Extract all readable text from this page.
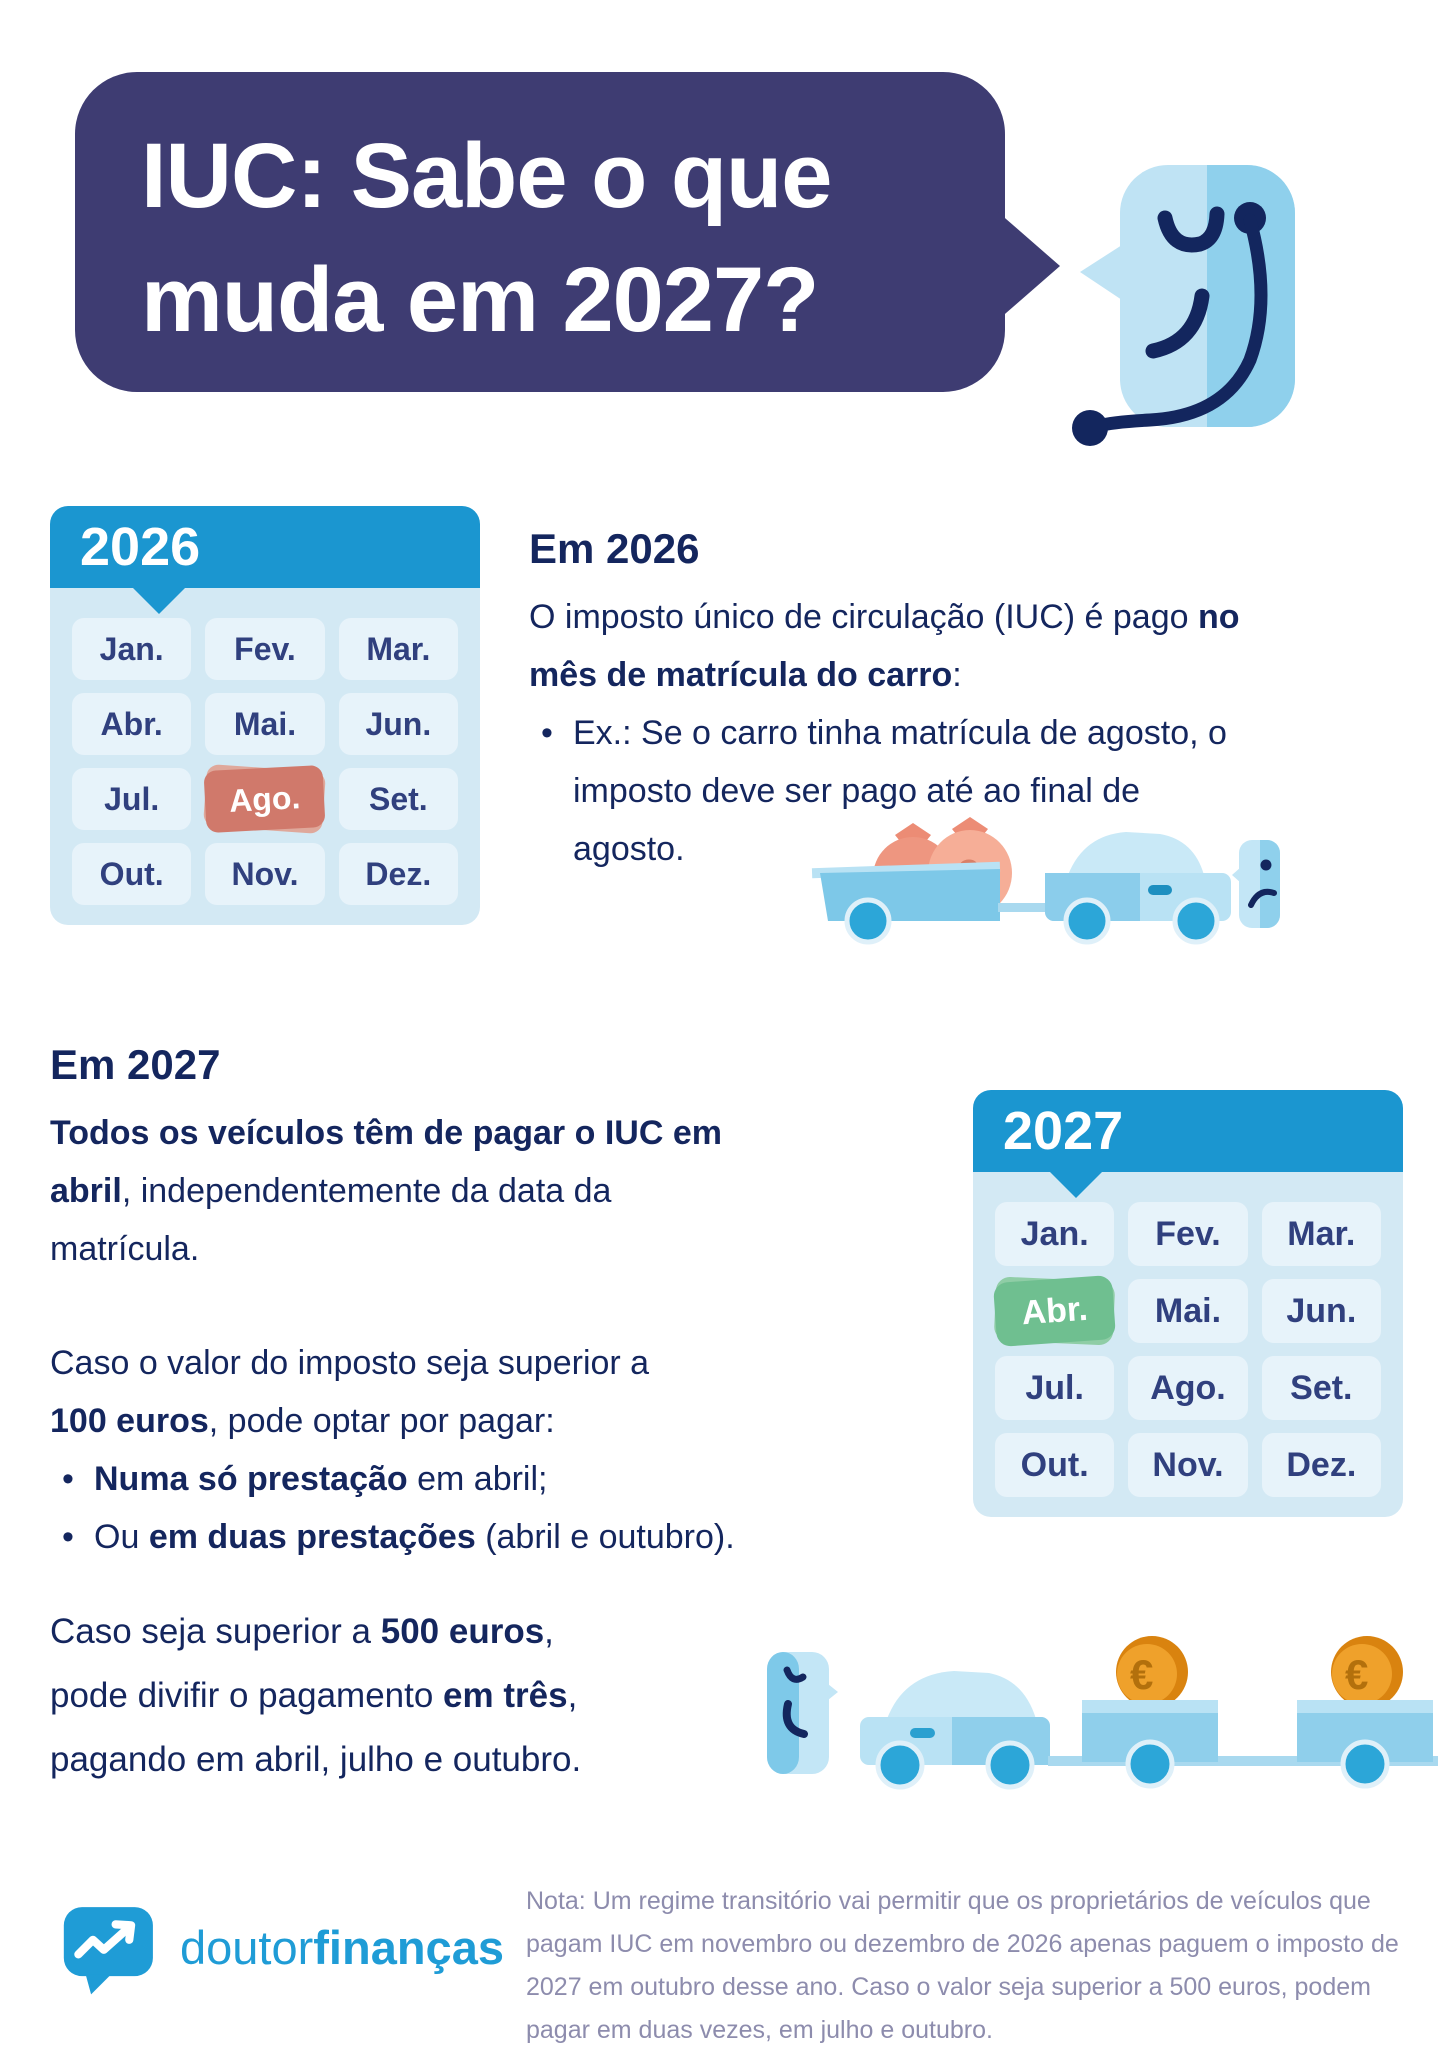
IUC: Sabe o que
muda em 2027?
2026
Jan.	Fev.	Mar.
Abr.	Mai.	Jun.
Jul.	Ago.	Set.
Out.	Nov.	Dez.
Em 2026
O imposto único de circulação (IUC) é pago no
mês de matrícula do carro:
• Ex.: Se o carro tinha matrícula de agosto, o
imposto deve ser pago até ao final de
agosto.
Em 2027
Todos os veículos têm de pagar o IUC em
abril, independentemente da data da
matrícula.
Caso o valor do imposto seja superior a
100 euros, pode optar por pagar:
• Numa só prestação em abril;
• Ou em duas prestações (abril e outubro).
2027
Jan.	Fev.	Mar.
Abr.	Mai.	Jun.
Jul.	Ago.	Set.
Out.	Nov.	Dez.
Caso seja superior a 500 euros,
pode divifir o pagamento em três,
pagando em abril, julho e outubro.
€	€
doutorfinanças
Nota: Um regime transitório vai permitir que os proprietários de veículos que
pagam IUC em novembro ou dezembro de 2026 apenas paguem o imposto de
2027 em outubro desse ano. Caso o valor seja superior a 500 euros, podem
pagar em duas vezes, em julho e outubro.
